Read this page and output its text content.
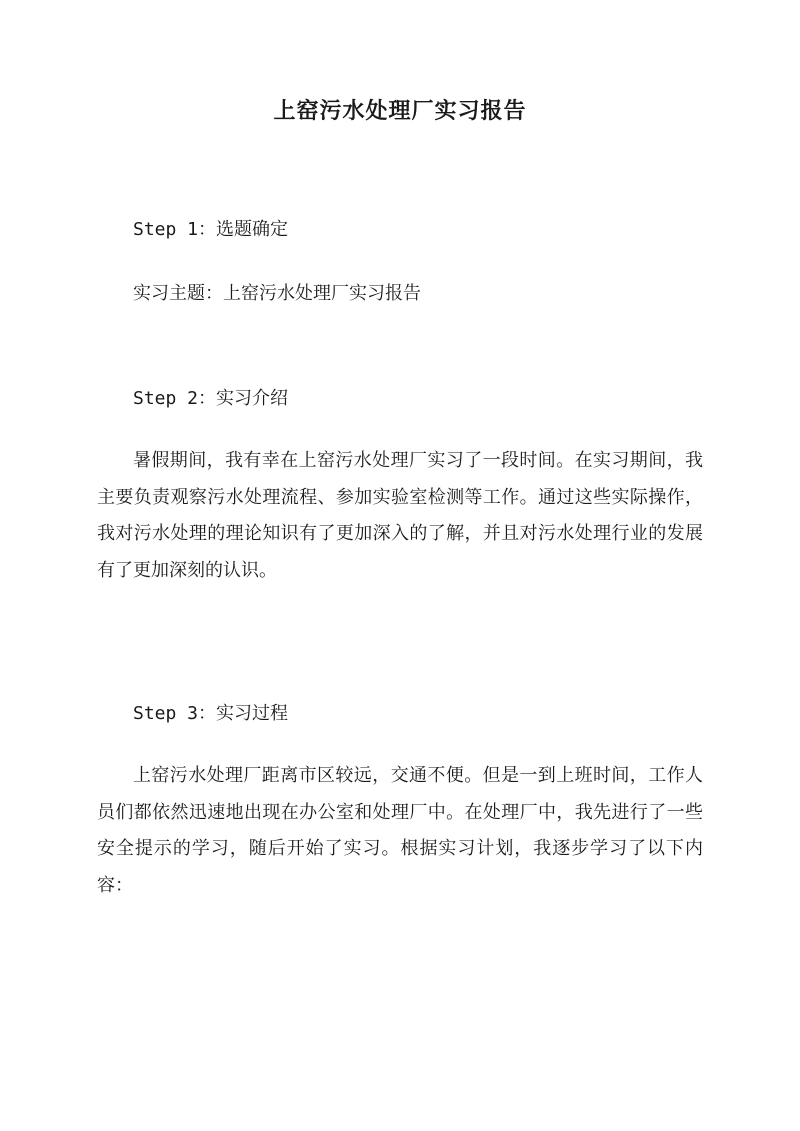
上窑污水处理厂实习报告
Step 1：选题确定
实习主题：上窑污水处理厂实习报告
Step 2：实习介绍
暑假期间，我有幸在上窑污水处理厂实习了一段时间。在实习期间，我主要负责观察污水处理流程、参加实验室检测等工作。通过这些实际操作，我对污水处理的理论知识有了更加深入的了解，并且对污水处理行业的发展有了更加深刻的认识。
Step 3：实习过程
上窑污水处理厂距离市区较远，交通不便。但是一到上班时间，工作人员们都依然迅速地出现在办公室和处理厂中。在处理厂中，我先进行了一些安全提示的学习，随后开始了实习。根据实习计划，我逐步学习了以下内容：
